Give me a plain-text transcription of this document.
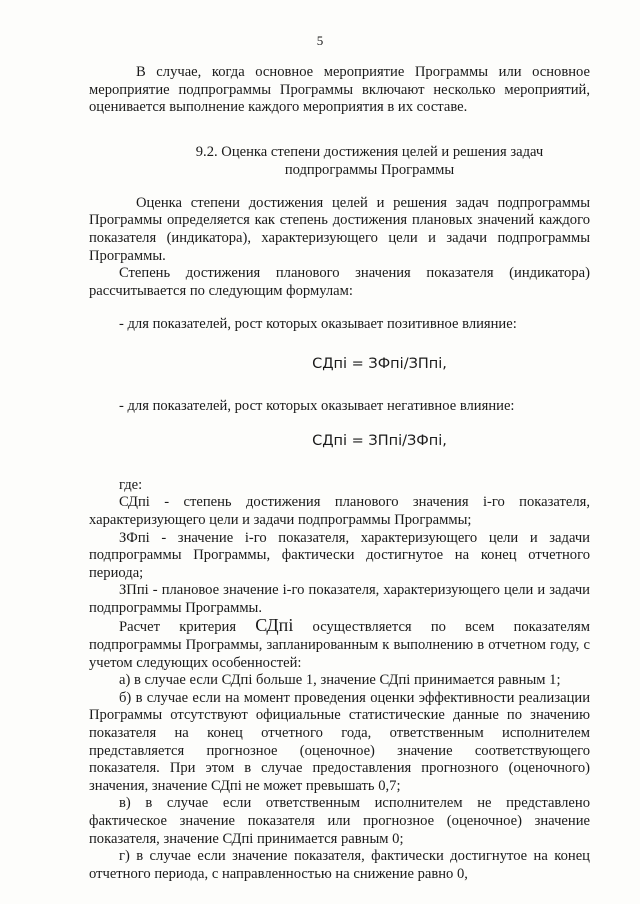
5

В случае, когда основное мероприятие Программы или основное мероприятие подпрограммы Программы включают несколько мероприятий, оценивается выполнение каждого мероприятия в их составе.

9.2. Оценка степени достижения целей и решения задач
подпрограммы Программы

Оценка степени достижения целей и решения задач подпрограммы Программы определяется как степень достижения плановых значений каждого показателя (индикатора), характеризующего цели и задачи подпрограммы Программы.

Степень достижения планового значения показателя (индикатора) рассчитывается по следующим формулам:

- для показателей, рост которых оказывает позитивное влияние:

СДпі = ЗФпі/ЗПпі,

- для показателей, рост которых оказывает негативное влияние:

СДпі = ЗПпі/ЗФпі,

где:

СДпі - степень достижения планового значения і-го показателя, характеризующего цели и задачи подпрограммы Программы;

ЗФпі - значение і-го показателя, характеризующего цели и задачи подпрограммы Программы, фактически достигнутое на конец отчетного периода;

ЗПпі - плановое значение і-го показателя, характеризующего цели и задачи подпрограммы Программы.

Расчет критерия СДпі осуществляется по всем показателям подпрограммы Программы, запланированным к выполнению в отчетном году, с учетом следующих особенностей:

а) в случае если СДпі больше 1, значение СДпі принимается равным 1;

б) в случае если на момент проведения оценки эффективности реализации Программы отсутствуют официальные статистические данные по значению показателя на конец отчетного года, ответственным исполнителем представляется прогнозное (оценочное) значение соответствующего показателя. При этом в случае предоставления прогнозного (оценочного) значения, значение СДпі не может превышать 0,7;

в) в случае если ответственным исполнителем не представлено фактическое значение показателя или прогнозное (оценочное) значение показателя, значение СДпі принимается равным 0;

г) в случае если значение показателя, фактически достигнутое на конец отчетного периода, с направленностью на снижение равно 0,
